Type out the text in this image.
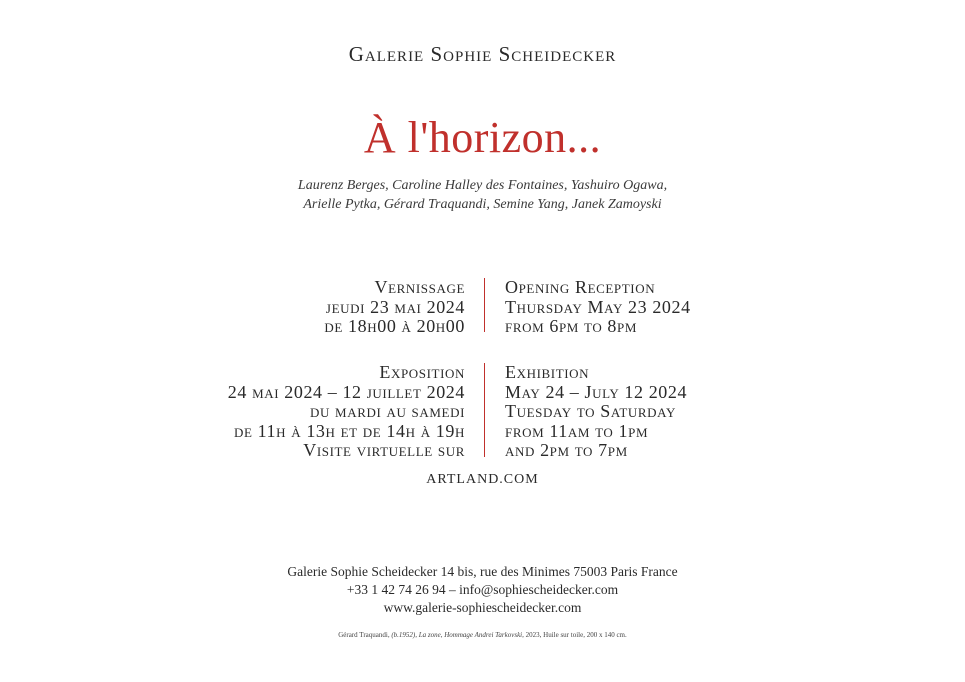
Galerie Sophie Scheidecker
À l'horizon...
Laurenz Berges, Caroline Halley des Fontaines, Yashuiro Ogawa,
Arielle Pytka, Gérard Traquandi, Semine Yang, Janek Zamoyski
Vernissage
jeudi 23 mai 2024
de 18h00 à 20h00
Opening Reception
Thursday May 23 2024
from 6pm to 8pm
Exposition
24 mai 2024 – 12 juillet 2024
du mardi au samedi
de 11h à 13h et de 14h à 19h
Visite virtuelle sur
Exhibition
May 24 – July 12 2024
Tuesday to Saturday
from 11am to 1pm
and 2pm to 7pm
ARTLAND.COM
Galerie Sophie Scheidecker 14 bis, rue des Minimes 75003 Paris France
+33 1 42 74 26 94 – info@sophiescheidecker.com
www.galerie-sophiescheidecker.com
Gérard Traquandi, (b.1952), La zone, Hommage Andrei Tarkovski, 2023, Huile sur toile, 200 x 140 cm.
